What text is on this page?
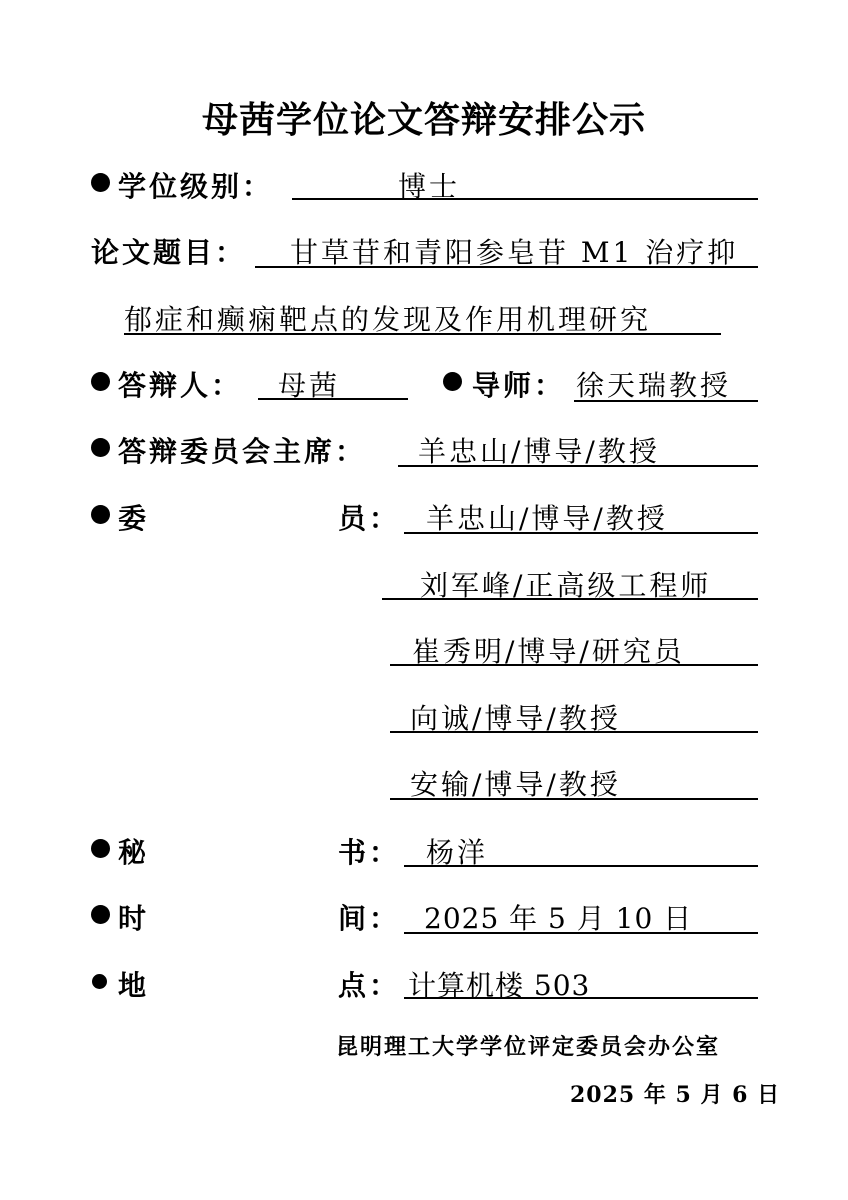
母茜学位论文答辩安排公示
学位级别：	博士
论文题目： 甘草苷和青阳参皂苷 M1 治疗抑
郁症和癫痫靶点的发现及作用机理研究
答辩人： 母茜	导师： 徐天瑞教授
答辩委员会主席： 羊忠山/博导/教授
委	员： 羊忠山/博导/教授
刘军峰/正高级工程师
崔秀明/博导/研究员
向诚/博导/教授
安输/博导/教授
秘	书： 杨洋
时	间： 2025 年 5 月 10 日
地	点： 计算机楼 503
昆明理工大学学位评定委员会办公室
2025 年 5 月 6 日
